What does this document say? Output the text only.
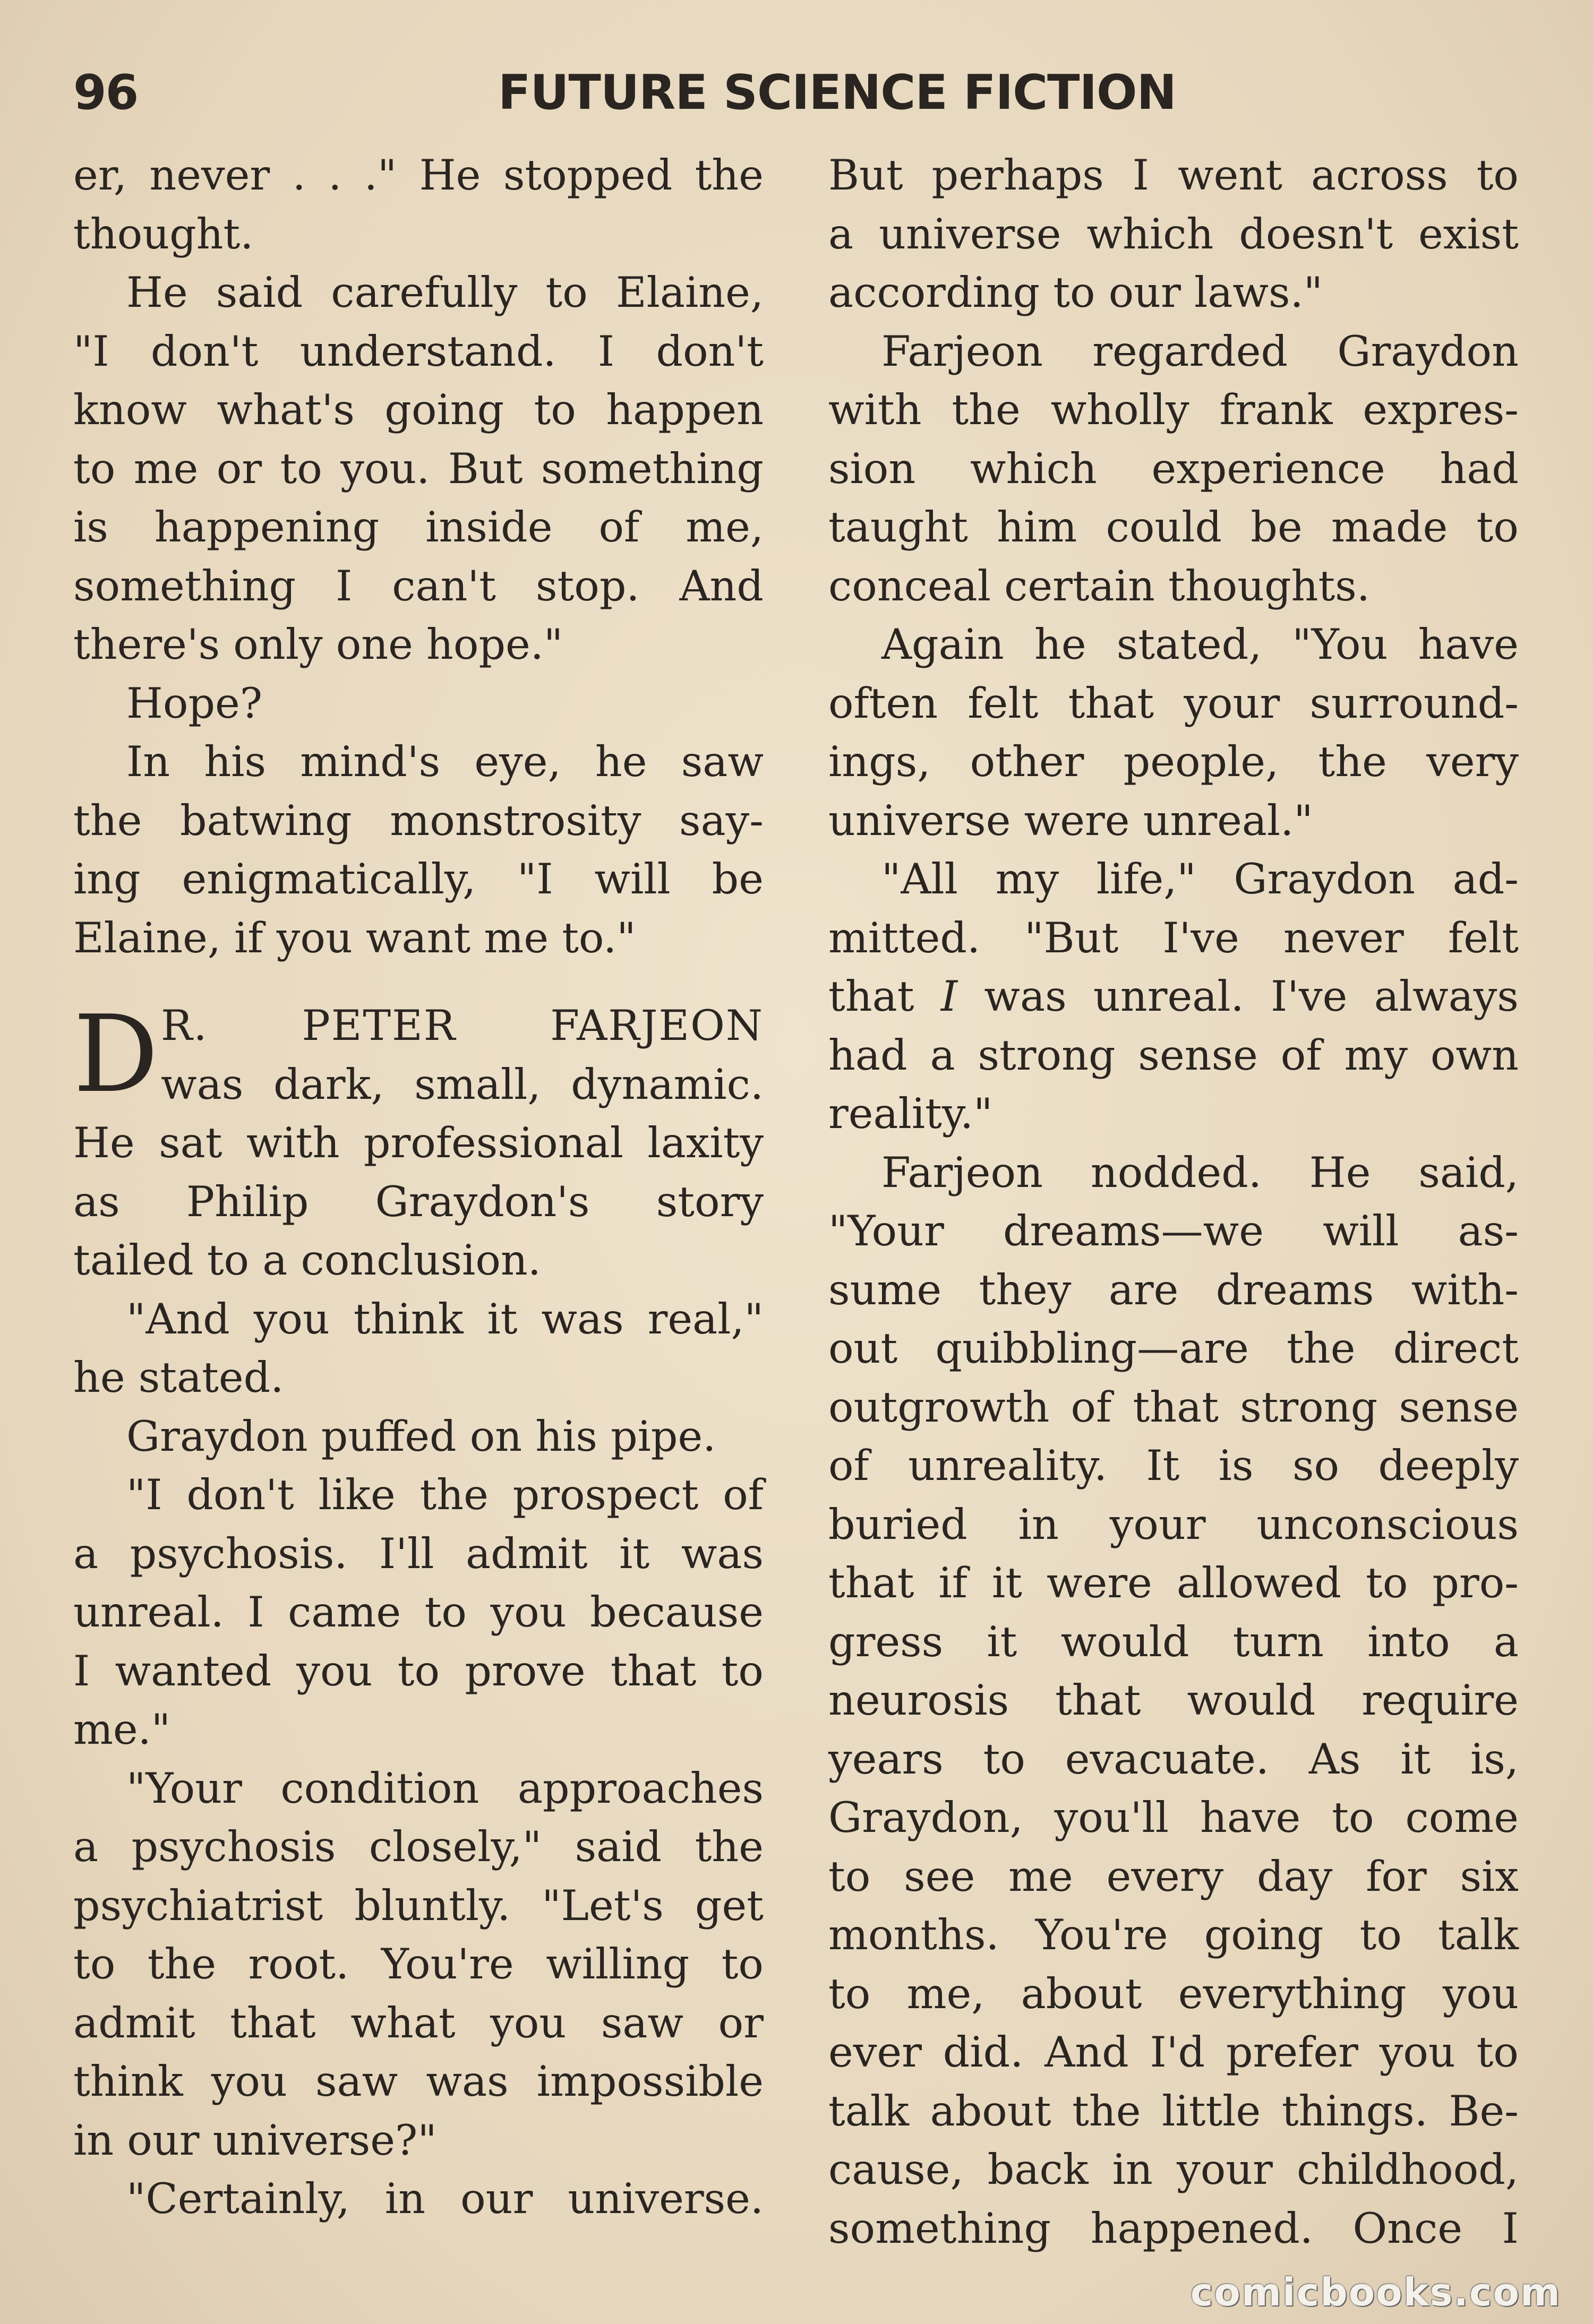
96	FUTURE SCIENCE FICTION
er, never . . ." He stopped the
thought.
He said carefully to Elaine,
"I don't understand. I don't
know what's going to happen
to me or to you. But something
is happening inside of me,
something I can't stop. And
there's only one hope."
Hope?
In his mind's eye, he saw
the batwing monstrosity say-
ing enigmatically, "I will be
Elaine, if you want me to."
D R. PETER FARJEON
was dark, small, dynamic.
He sat with professional laxity
as Philip Graydon's story
tailed to a conclusion.
"And you think it was real,"
he stated.
Graydon puffed on his pipe.
"I don't like the prospect of
a psychosis. I'll admit it was
unreal. I came to you because
I wanted you to prove that to
me."
"Your condition approaches
a psychosis closely," said the
psychiatrist bluntly. "Let's get
to the root. You're willing to
admit that what you saw or
think you saw was impossible
in our universe?"
"Certainly, in our universe.
But perhaps I went across to
a universe which doesn't exist
according to our laws."
Farjeon regarded Graydon
with the wholly frank expres-
sion which experience had
taught him could be made to
conceal certain thoughts.
Again he stated, "You have
often felt that your surround-
ings, other people, the very
universe were unreal."
"All my life," Graydon ad-
mitted. "But I've never felt
that I was unreal. I've always
had a strong sense of my own
reality."
Farjeon nodded. He said,
"Your dreams—we will as-
sume they are dreams with-
out quibbling—are the direct
outgrowth of that strong sense
of unreality. It is so deeply
buried in your unconscious
that if it were allowed to pro-
gress it would turn into a
neurosis that would require
years to evacuate. As it is,
Graydon, you'll have to come
to see me every day for six
months. You're going to talk
to me, about everything you
ever did. And I'd prefer you to
talk about the little things. Be-
cause, back in your childhood,
something happened. Once I
comicbooks.com
